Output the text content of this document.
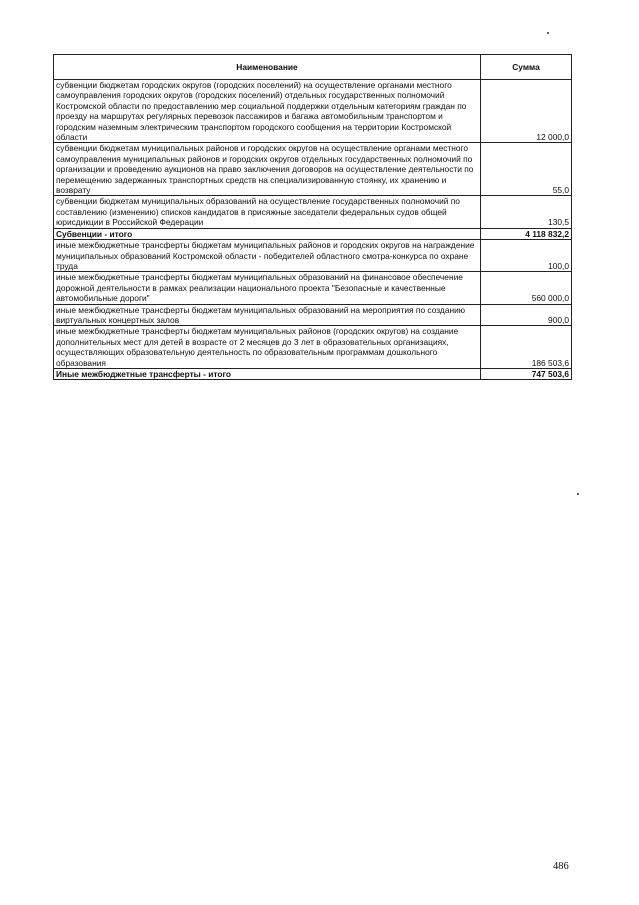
Наименование	Сумма
субвенции бюджетам городских округов (городских поселений) на осуществление органами местного самоуправления городских округов (городских поселений) отдельных государственных полномочий Костромской области по предоставлению мер социальной поддержки отдельным категориям граждан по проезду на маршрутах регулярных перевозок пассажиров и багажа автомобильным транспортом и городским наземным электрическим транспортом городского сообщения на территории Костромской области	12 000,0
субвенции бюджетам муниципальных районов и городских округов на осуществление органами местного самоуправления муниципальных районов и городских округов отдельных государственных полномочий по организации и проведению аукционов на право заключения договоров на осуществление деятельности по перемещению задержанных транспортных средств на специализированную стоянку, их хранению и возврату	55,0
субвенции бюджетам муниципальных образований на осуществление государственных полномочий по составлению (изменению) списков кандидатов в присяжные заседатели федеральных судов общей юрисдикции в Российской Федерации	130,5
Субвенции - итого	4 118 832,2
иные межбюджетные трансферты бюджетам муниципальных районов и городских округов на награждение муниципальных образований Костромской области - победителей областного смотра-конкурса по охране труда	100,0
иные межбюджетные трансферты бюджетам муниципальных образований на финансовое обеспечение дорожной деятельности в рамках реализации национального проекта "Безопасные и качественные автомобильные дороги"	560 000,0
иные межбюджетные трансферты бюджетам муниципальных образований на мероприятия по созданию виртуальных концертных залов	900,0
иные межбюджетные трансферты бюджетам муниципальных районов (городских округов) на создание дополнительных мест для детей в возрасте от 2 месяцев до 3 лет в образовательных организациях, осуществляющих образовательную деятельность по образовательным программам дошкольного образования	186 503,6
Иные межбюджетные трансферты - итого	747 503,6
486
